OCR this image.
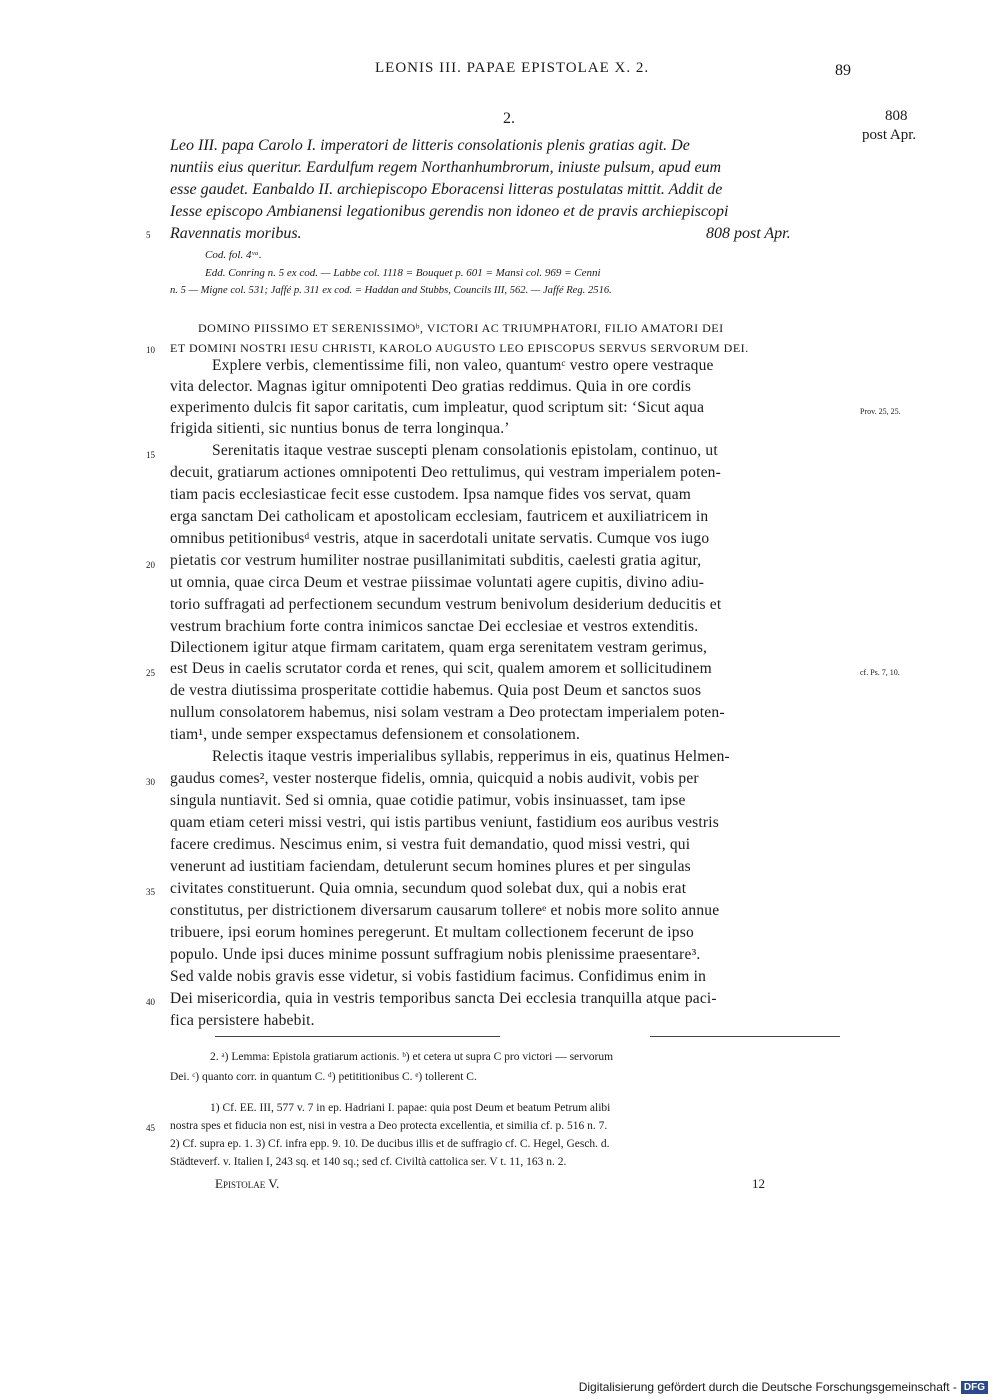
LEONIS III. PAPAE EPISTOLAE X. 2.	89
2.	808
post Apr.
Leo III. papa Carolo I. imperatori de litteris consolationis plenis gratias agit. De
nuntiis eius queritur. Eardulfum regem Northanhumbrorum, iniuste pulsum, apud eum
esse gaudet. Eanbaldo II. archiepiscopo Eboracensi litteras postulatas mittit. Addit de
Iesse episcopo Ambianensi legationibus gerendis non idoneo et de pravis archiepiscopi
Ravennatis moribus.	808 post Apr.
5
Cod. fol. 4ᵛᵃ.
Edd. Conring n. 5 ex cod. — Labbe col. 1118 = Bouquet p. 601 = Mansi col. 969 = Cenni
n. 5 — Migne col. 531; Jaffé p. 311 ex cod. = Haddan and Stubbs, Councils III, 562. — Jaffé Reg. 2516.
DOMINO PIISSIMO ET SERENISSIMOᵇ, VICTORI AC TRIUMPHATORI, FILIO AMATORI DEI
ET DOMINI NOSTRI IESU CHRISTI, KAROLO AUGUSTO LEO EPISCOPUS SERVUS SERVORUM DEI.
10
Explere verbis, clementissime fili, non valeo, quantumᶜ vestro opere vestraque
vita delector. Magnas igitur omnipotenti Deo gratias reddimus. Quia in ore cordis
experimento dulcis fit sapor caritatis, cum impleatur, quod scriptum sit: ‘Sicut aqua	Prov. 25, 25.
frigida sitienti, sic nuntius bonus de terra longinqua.’
Serenitatis itaque vestrae suscepti plenam consolationis epistolam, continuo, ut
15
decuit, gratiarum actiones omnipotenti Deo rettulimus, qui vestram imperialem poten-
tiam pacis ecclesiasticae fecit esse custodem. Ipsa namque fides vos servat, quam
erga sanctam Dei catholicam et apostolicam ecclesiam, fautricem et auxiliatricem in
omnibus petitionibusᵈ vestris, atque in sacerdotali unitate servatis. Cumque vos iugo
pietatis cor vestrum humiliter nostrae pusillanimitati subditis, caelesti gratia agitur,
20
ut omnia, quae circa Deum et vestrae piissimae voluntati agere cupitis, divino adiu-
torio suffragati ad perfectionem secundum vestrum benivolum desiderium deducitis et
vestrum brachium forte contra inimicos sanctae Dei ecclesiae et vestros extenditis.
Dilectionem igitur atque firmam caritatem, quam erga serenitatem vestram gerimus,
est Deus in caelis scrutator corda et renes, qui scit, qualem amorem et sollicitudinem
25	cf. Ps. 7, 10.
de vestra diutissima prosperitate cottidie habemus. Quia post Deum et sanctos suos
nullum consolatorem habemus, nisi solam vestram a Deo protectam imperialem poten-
tiam¹, unde semper exspectamus defensionem et consolationem.
Relectis itaque vestris imperialibus syllabis, repperimus in eis, quatinus Helmen-
gaudus comes², vester nosterque fidelis, omnia, quicquid a nobis audivit, vobis per
30
singula nuntiavit. Sed si omnia, quae cotidie patimur, vobis insinuasset, tam ipse
quam etiam ceteri missi vestri, qui istis partibus veniunt, fastidium eos auribus vestris
facere credimus. Nescimus enim, si vestra fuit demandatio, quod missi vestri, qui
venerunt ad iustitiam faciendam, detulerunt secum homines plures et per singulas
civitates constituerunt. Quia omnia, secundum quod solebat dux, qui a nobis erat
35
constitutus, per districtionem diversarum causarum tollereᵉ et nobis more solito annue
tribuere, ipsi eorum homines peregerunt. Et multam collectionem fecerunt de ipso
populo. Unde ipsi duces minime possunt suffragium nobis plenissime praesentare³.
Sed valde nobis gravis esse videtur, si vobis fastidium facimus. Confidimus enim in
Dei misericordia, quia in vestris temporibus sancta Dei ecclesia tranquilla atque paci-
40
fica persistere habebit.
2. ᵃ) Lemma: Epistola gratiarum actionis. ᵇ) et cetera ut supra C pro victori — servorum
Dei. ᶜ) quanto corr. in quantum C. ᵈ) petititionibus C. ᵉ) tollerent C.
1) Cf. EE. III, 577 v. 7 in ep. Hadriani I. papae: quia post Deum et beatum Petrum alibi
nostra spes et fiducia non est, nisi in vestra a Deo protecta excellentia, et similia cf. p. 516 n. 7.
45
2) Cf. supra ep. 1. 3) Cf. infra epp. 9. 10. De ducibus illis et de suffragio cf. C. Hegel, Gesch. d.
Städteverf. v. Italien I, 243 sq. et 140 sq.; sed cf. Civiltà cattolica ser. V t. 11, 163 n. 2.
Epistolae V.	12
Digitalisierung gefördert durch die Deutsche Forschungsgemeinschaft - DFG
